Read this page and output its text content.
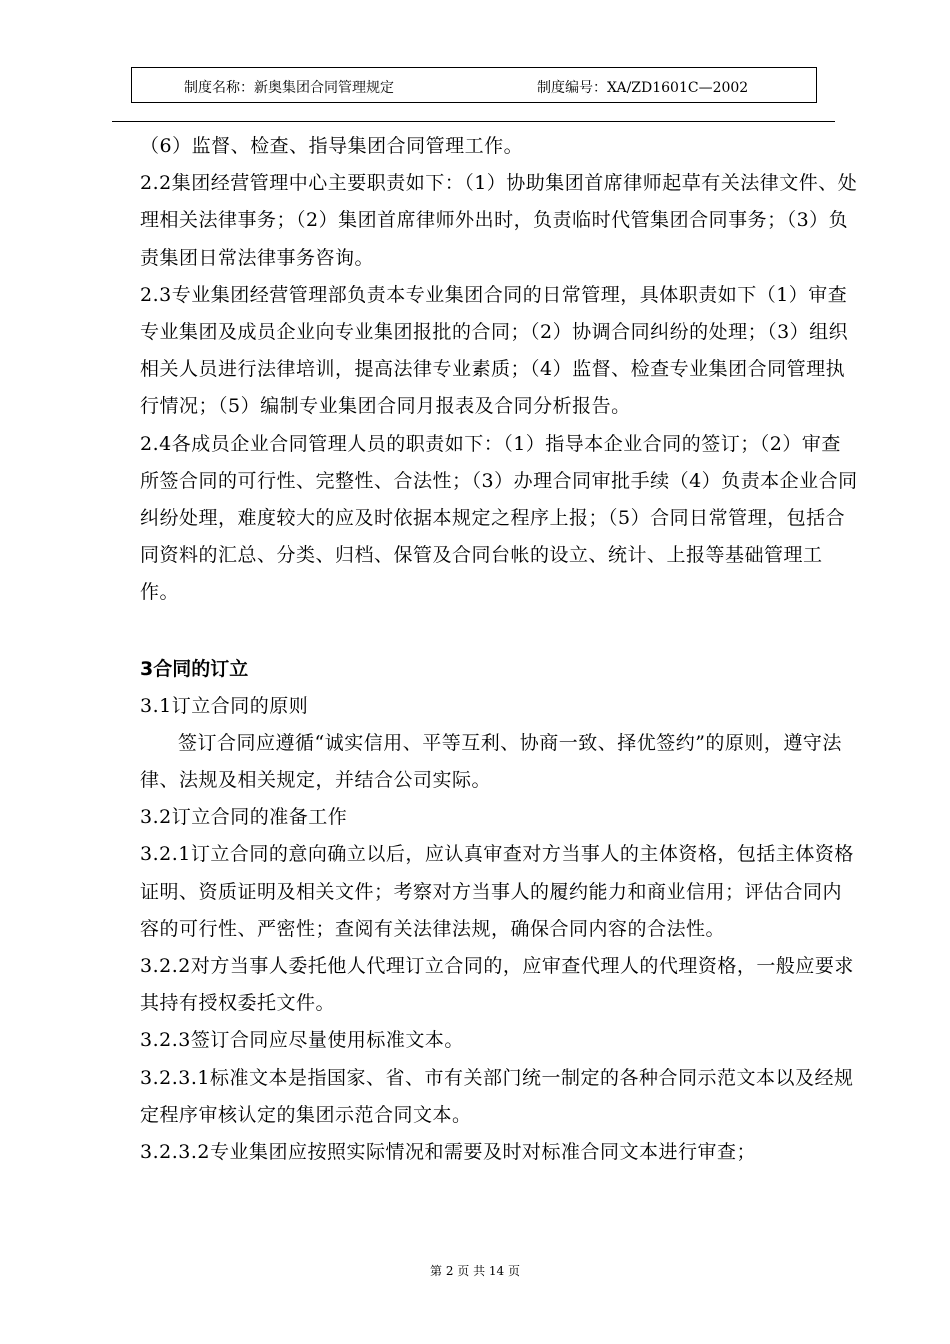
制度名称：新奥集团合同管理规定	制度编号：XA/ZD1601C—2002

（6）监督、检查、指导集团合同管理工作。

2.2集团经营管理中心主要职责如下：（1）协助集团首席律师起草有关法律文件、处理相关法律事务；（2）集团首席律师外出时，负责临时代管集团合同事务；（3）负责集团日常法律事务咨询。

2.3专业集团经营管理部负责本专业集团合同的日常管理，具体职责如下（1）审查专业集团及成员企业向专业集团报批的合同；（2）协调合同纠纷的处理；（3）组织相关人员进行法律培训，提高法律专业素质；（4）监督、检查专业集团合同管理执行情况；（5）编制专业集团合同月报表及合同分析报告。

2.4各成员企业合同管理人员的职责如下：（1）指导本企业合同的签订；（2）审查所签合同的可行性、完整性、合法性；（3）办理合同审批手续（4）负责本企业合同纠纷处理，难度较大的应及时依据本规定之程序上报；（5）合同日常管理，包括合同资料的汇总、分类、归档、保管及合同台帐的设立、统计、上报等基础管理工作。

3合同的订立

3.1订立合同的原则

签订合同应遵循“诚实信用、平等互利、协商一致、择优签约”的原则，遵守法律、法规及相关规定，并结合公司实际。

3.2订立合同的准备工作

3.2.1订立合同的意向确立以后，应认真审查对方当事人的主体资格，包括主体资格证明、资质证明及相关文件；考察对方当事人的履约能力和商业信用；评估合同内容的可行性、严密性；查阅有关法律法规，确保合同内容的合法性。

3.2.2对方当事人委托他人代理订立合同的，应审查代理人的代理资格，一般应要求其持有授权委托文件。

3.2.3签订合同应尽量使用标准文本。

3.2.3.1标准文本是指国家、省、市有关部门统一制定的各种合同示范文本以及经规定程序审核认定的集团示范合同文本。

3.2.3.2专业集团应按照实际情况和需要及时对标准合同文本进行审查；

第 2 页 共 14 页
